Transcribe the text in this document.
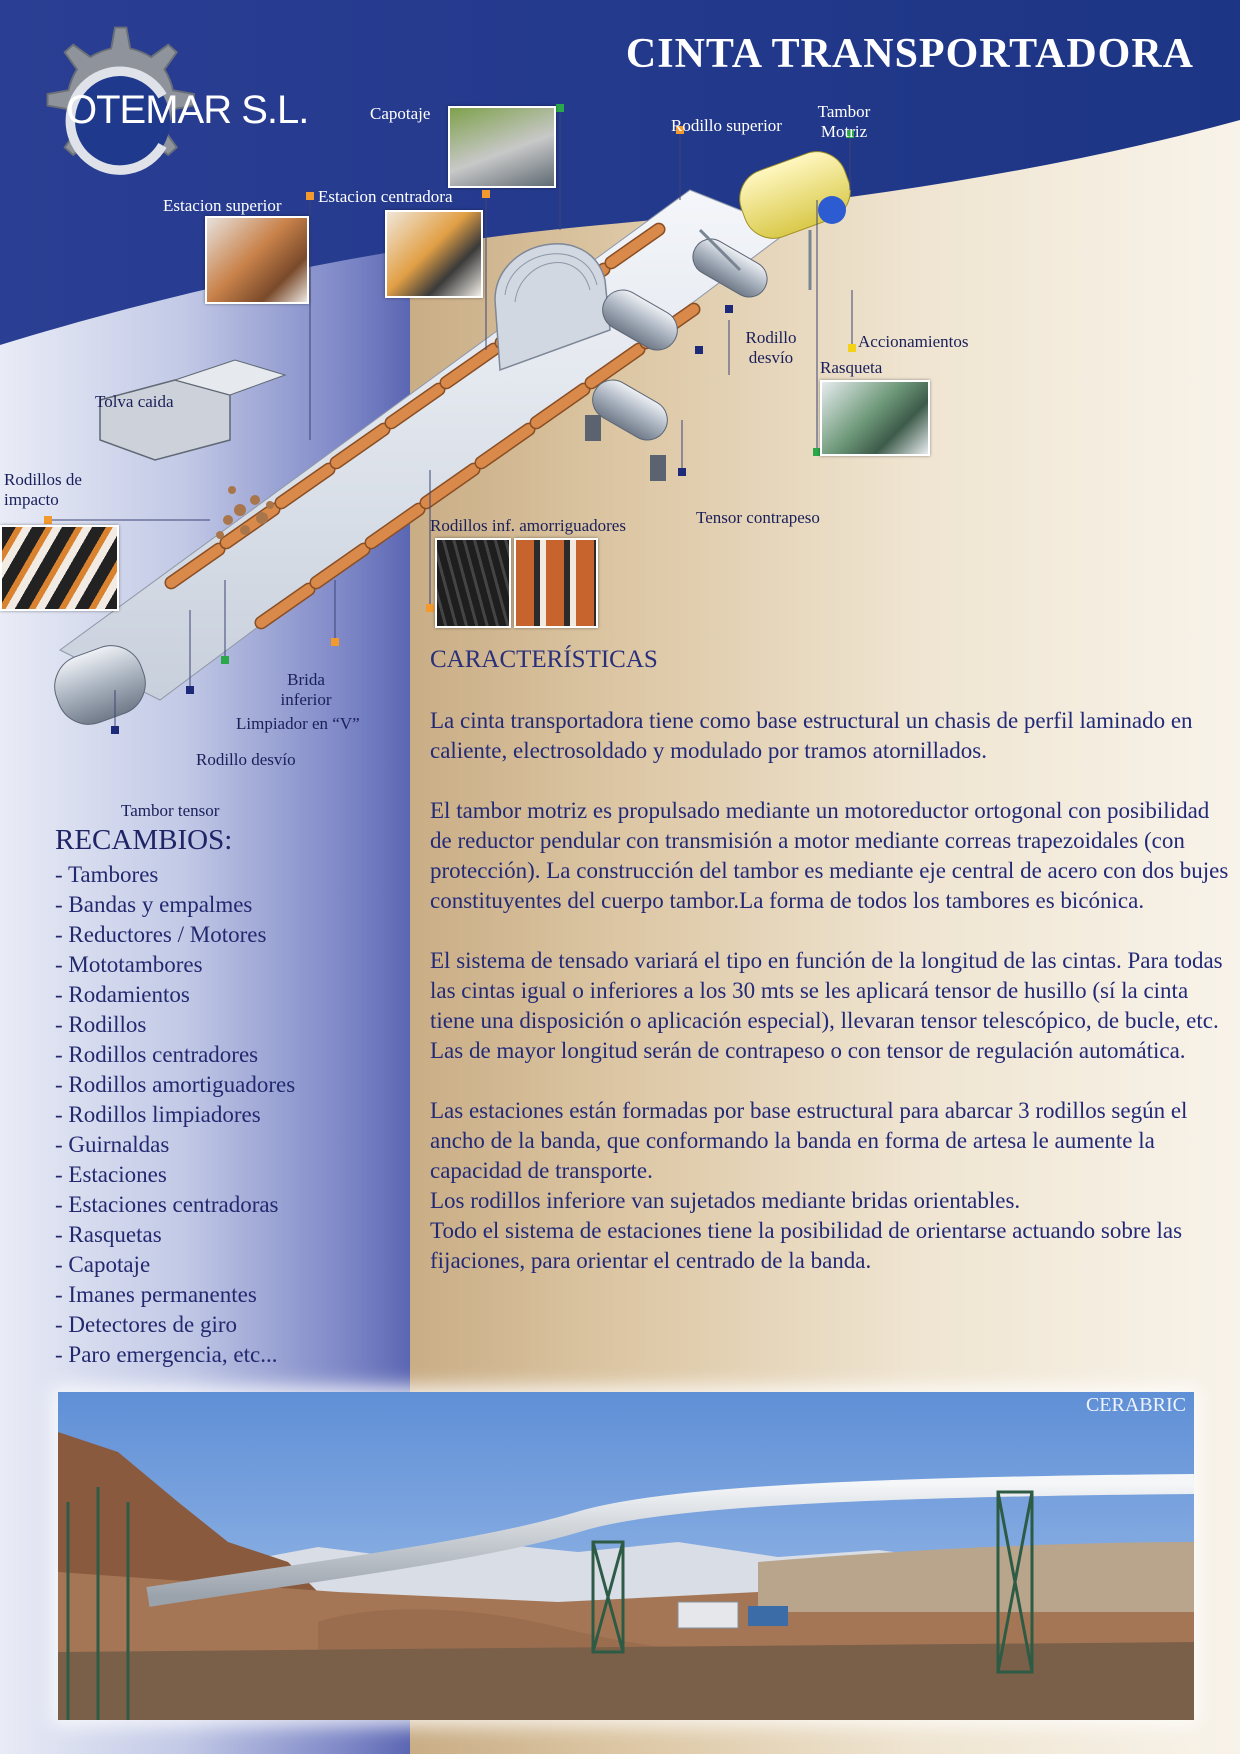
CINTA TRANSPORTADORA
OTEMAR S.L.	Capotaje
Rodillo superior
Tambor Motriz
Estacion superior Estacion centradora
Tolva caida
Rodillos de impacto
Rodillo desvío
Accionamientos
Rasqueta
Tensor contrapeso
Rodillos inf. amorriguadores
Brida inferior
Limpiador en “V”
Rodillo desvío
Tambor tensor
RECAMBIOS:
- Tambores
- Bandas y empalmes
- Reductores / Motores
- Mototambores
- Rodamientos
- Rodillos
- Rodillos centradores
- Rodillos amortiguadores
- Rodillos limpiadores
- Guirnaldas
- Estaciones
- Estaciones centradoras
- Rasquetas
- Capotaje
- Imanes permanentes
- Detectores de giro
- Paro emergencia, etc...
CARACTERÍSTICAS

La cinta transportadora tiene como base estructural un chasis de perfil laminado en caliente, electrosoldado y modulado por tramos atornillados.

El tambor motriz es propulsado mediante un motoreductor ortogonal con posibilidad de reductor pendular con transmisión a motor mediante correas trapezoidales (con protección). La construcción del tambor es mediante eje central de acero con dos bujes constituyentes del cuerpo tambor.La forma de todos los tambores es bicónica.

El sistema de tensado variará el tipo en función de la longitud de las cintas. Para todas las cintas igual o inferiores a los 30 mts se les aplicará tensor de husillo (sí la cinta tiene una disposición o aplicación especial), llevaran tensor telescópico, de bucle, etc.
Las de mayor longitud serán de contrapeso o con tensor de regulación automática.

Las estaciones están formadas por base estructural para abarcar 3 rodillos según el ancho de la banda, que conformando la banda en forma de artesa le aumente la capacidad de transporte.
Los rodillos inferiore van sujetados mediante bridas orientables.
Todo el sistema de estaciones tiene la posibilidad de orientarse actuando sobre las fijaciones, para orientar el centrado de la banda.

CERABRIC
